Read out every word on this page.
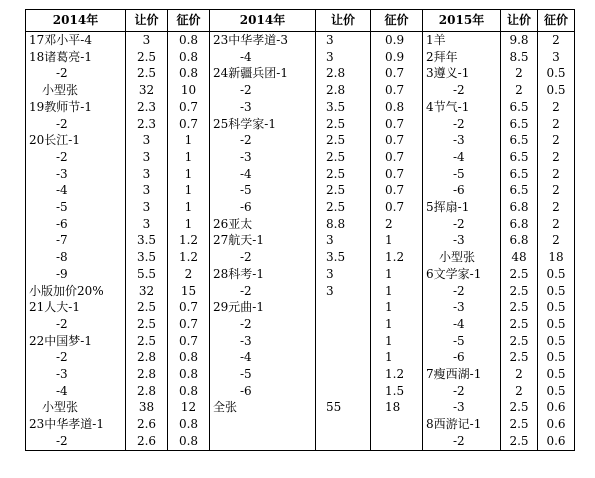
2014年	让价	征价	2014年	让价	征价	2015年	让价	征价
17邓小平-4	3	0.8	23中华孝道-3	3	0.9	1羊	9.8	2
18诸葛亮-1	2.5	0.8	-4	3	0.9	2拜年	8.5	3
-2	2.5	0.8	24新疆兵团-1	2.8	0.7	3遵义-1	2	0.5
小型张	32	10	-2	2.8	0.7	-2	2	0.5
19教师节-1	2.3	0.7	-3	3.5	0.8	4节气-1	6.5	2
-2	2.3	0.7	25科学家-1	2.5	0.7	-2	6.5	2
20长江-1	3	1	-2	2.5	0.7	-3	6.5	2
-2	3	1	-3	2.5	0.7	-4	6.5	2
-3	3	1	-4	2.5	0.7	-5	6.5	2
-4	3	1	-5	2.5	0.7	-6	6.5	2
-5	3	1	-6	2.5	0.7	5挥扇-1	6.8	2
-6	3	1	26亚太	8.8	2	-2	6.8	2
-7	3.5	1.2	27航天-1	3	1	-3	6.8	2
-8	3.5	1.2	-2	3.5	1.2	小型张	48	18
-9	5.5	2	28科考-1	3	1	6文学家-1	2.5	0.5
小版加价20%	32	15	-2	3	1	-2	2.5	0.5
21人大-1	2.5	0.7	29元曲-1		1	-3	2.5	0.5
-2	2.5	0.7	-2		1	-4	2.5	0.5
22中国梦-1	2.5	0.7	-3		1	-5	2.5	0.5
-2	2.8	0.8	-4		1	-6	2.5	0.5
-3	2.8	0.8	-5		1.2	7瘦西湖-1	2	0.5
-4	2.8	0.8	-6		1.5	-2	2	0.5
小型张	38	12	全张	55	18	-3	2.5	0.6
23中华孝道-1	2.6	0.8				8西游记-1	2.5	0.6
-2	2.6	0.8				-2	2.5	0.6
